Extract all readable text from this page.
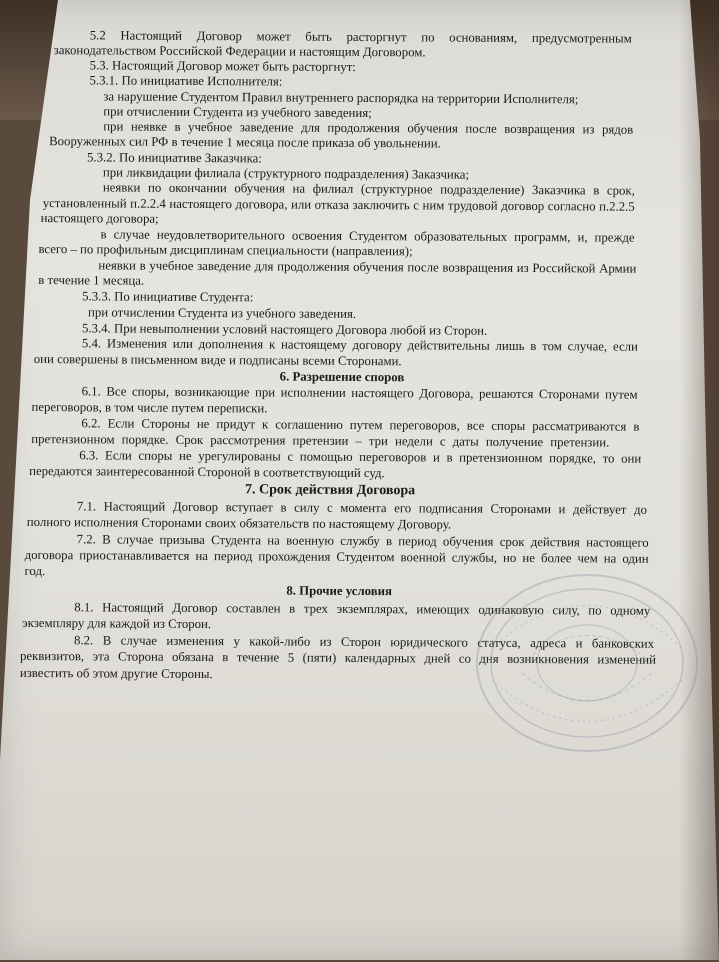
5.2 Настоящий Договор может быть расторгнут по основаниям, предусмотренным
законодательством Российской Федерации и настоящим Договором.
5.3. Настоящий Договор может быть расторгнут:
5.3.1. По инициативе Исполнителя:
за нарушение Студентом Правил внутреннего распорядка на территории Исполнителя;
при отчислении Студента из учебного заведения;
при неявке в учебное заведение для продолжения обучения после возвращения из рядов
Вооруженных сил РФ в течение 1 месяца после приказа об увольнении.
5.3.2. По инициативе Заказчика:
при ликвидации филиала (структурного подразделения) Заказчика;
неявки по окончании обучения на филиал (структурное подразделение) Заказчика в срок,
установленный п.2.2.4 настоящего договора, или отказа заключить с ним трудовой договор согласно п.2.2.5
настоящего договора;
в случае неудовлетворительного освоения Студентом образовательных программ, и, прежде
всего – по профильным дисциплинам специальности (направления);
неявки в учебное заведение для продолжения обучения после возвращения из Российской Армии
в течение 1 месяца.
5.3.3. По инициативе Студента:
при отчислении Студента из учебного заведения.
5.3.4. При невыполнении условий настоящего Договора любой из Сторон.
5.4. Изменения или дополнения к настоящему договору действительны лишь в том случае, если
они совершены в письменном виде и подписаны всеми Сторонами.
6. Разрешение споров
6.1. Все споры, возникающие при исполнении настоящего Договора, решаются Сторонами путем
переговоров, в том числе путем переписки.
6.2. Если Стороны не придут к соглашению путем переговоров, все споры рассматриваются в
претензионном порядке. Срок рассмотрения претензии – три недели с даты получение претензии.
6.3. Если споры не урегулированы с помощью переговоров и в претензионном порядке, то они
передаются заинтересованной Стороной в соответствующий суд.
7. Срок действия Договора
7.1. Настоящий Договор вступает в силу с момента его подписания Сторонами и действует до
полного исполнения Сторонами своих обязательств по настоящему Договору.
7.2. В случае призыва Студента на военную службу в период обучения срок действия настоящего
договора приостанавливается на период прохождения Студентом военной службы, но не более чем на один
год.
8. Прочие условия
8.1. Настоящий Договор составлен в трех экземплярах, имеющих одинаковую силу, по одному
экземпляру для каждой из Сторон.
8.2. В случае изменения у какой-либо из Сторон юридического статуса, адреса и банковских
реквизитов, эта Сторона обязана в течение 5 (пяти) календарных дней со дня возникновения изменений
известить об этом другие Стороны.
